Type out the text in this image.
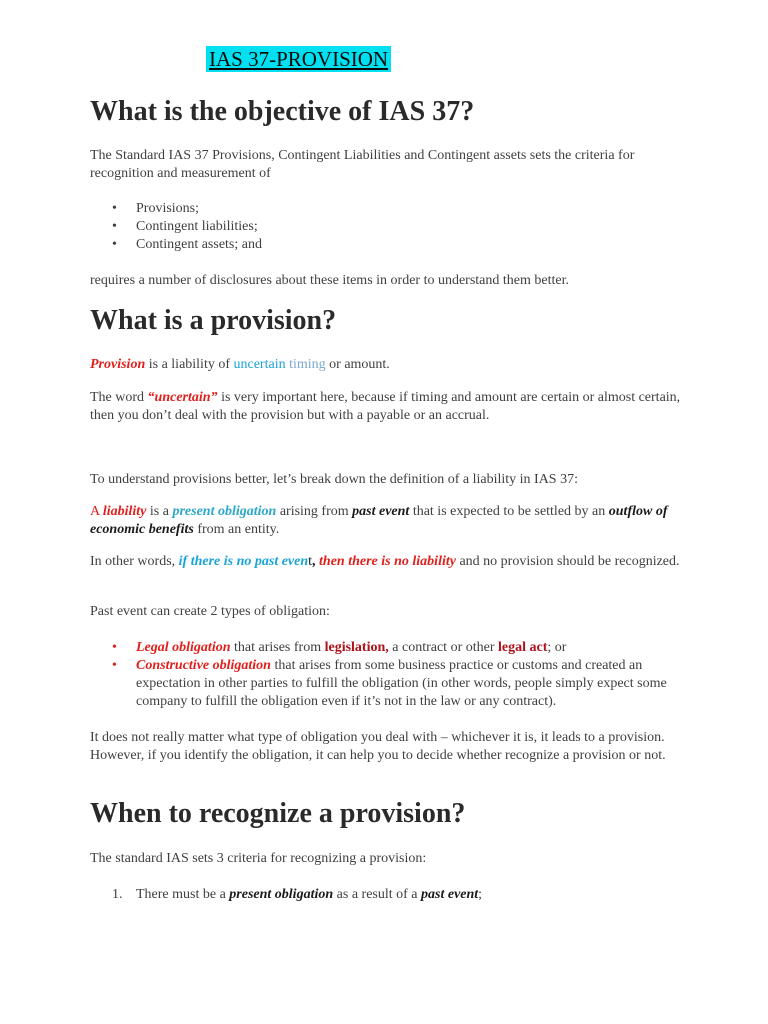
IAS 37-PROVISION
What is the objective of IAS 37?

The Standard IAS 37 Provisions, Contingent Liabilities and Contingent assets sets the criteria for recognition and measurement of

• Provisions;
• Contingent liabilities;
• Contingent assets; and

requires a number of disclosures about these items in order to understand them better.

What is a provision?

Provision is a liability of uncertain timing or amount.

The word “uncertain” is very important here, because if timing and amount are certain or almost certain, then you don’t deal with the provision but with a payable or an accrual.

To understand provisions better, let’s break down the definition of a liability in IAS 37:

A liability is a present obligation arising from past event that is expected to be settled by an outflow of economic benefits from an entity.

In other words, if there is no past event, then there is no liability and no provision should be recognized.

Past event can create 2 types of obligation:

• Legal obligation that arises from legislation, a contract or other legal act; or
• Constructive obligation that arises from some business practice or customs and created an expectation in other parties to fulfill the obligation (in other words, people simply expect some company to fulfill the obligation even if it’s not in the law or any contract).

It does not really matter what type of obligation you deal with – whichever it is, it leads to a provision. However, if you identify the obligation, it can help you to decide whether recognize a provision or not.

When to recognize a provision?

The standard IAS sets 3 criteria for recognizing a provision:

1. There must be a present obligation as a result of a past event;
